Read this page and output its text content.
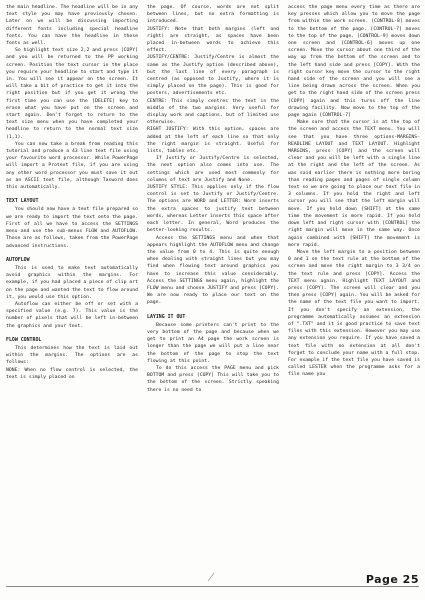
the main headline. The headline will be in any text style you may have previously chosen. Later on we will be discussing importing different fonts including special headline fonts. You can have the headline in these fonts as well.

So highlight text size 2,2 and press [COPY] and you will be returned to the PP working screen. Position the text cursor in the place you require your headline to start and type it in. You will see it appear on the screen. It will take a bit of practice to get it into the right position but if you get it wrong the first time you can use the [DELETE] key to erase what you have put on the screen and start again. Don't forget to return to the text size menu when you have completed your headline to return to the normal text size (1,1).

You can now take a break from reading this tutorial and produce a 43 line text file using your favourite word processor. While PowerPage will import a Protext file, if you are using any other word processor you must save it out as an ASCII text file, although Tasword does this automatically.

TEXT LAYOUT

You should now have a text file prepared so we are ready to import the text onto the page. First of all we have to access the SETTINGS menu and use the sub-menus FLOW and AUTOFLOW. Those are as follows, taken from the PowerPage advanced instructions.

AUTOFLOW

This is used to make text automatically avoid graphics within the margins. For example, if you had placed a piece of clip art on the page and wanted the text to flow around it, you would use this option.

Autoflow can either be off or set with a specified value (e.g. 7). This value is the number of pixels that will be left in-between the graphics and your text.

FLOW CONTROL

This determines how the text is laid out within the margins. The options are as follows:

NONE: When no flow control is selected, the text is simply placed on

the page. Of course, words are not split between lines, but no extra formatting is introduced.

JUSTIFY: Note that both margins (left and right) are straight, as spaces have been placed in-between words to achieve this effect.

JUSTIFY/CENTRE: Justify/Centre is almost the same as the Justify option (described above), but the last line of every paragraph is centred (as opposed to Justify, where it is simply placed on the page). This is good for posters, advertisements etc.

CENTRE: This simply centres the text in the middle of the two margins. Very useful for display work and captions, but of limited use otherwise.

RIGHT JUSTIFY: With this option, spaces are added at the left of each line so that only the right margin is straight. Useful for lists, tables etc.

If Justify or Justify/Centre is selected, the next option also comes into use. The settings which are used most commonly for columns of text are Justify and None.

JUSTIFY STYLE: This applies only if the flow control is set to Justify or Justify/Centre. The options are WORD and LETTER: Word inserts the extra spaces to justify text between words, whereas Letter inserts this space after each letter. In general, Word produces the better-looking results.

Access the SETTINGS menu and when that appears highlight the AUTOFLOW menu and change the value from 0 to 4. This is quite enough when dealing with straight lines but you may find when flowing text around graphics you have to increase this value considerably. Access the SETTINGS menu again, highlight the FLOW menu and choose JUSTIFY and press [COPY]. We are now ready to place our text on the page.

LAYING IT OUT

Because some printers can't print to the very bottom of the page and because when we get to print an A4 page the work screen is longer than the page we will put a line near the bottom of the page to stop the text flowing at this point.

To do this access the PAGE menu and pick BOTTOM and press [COPY] This will take you to the bottom of the screen. Strictly speaking there is no need to

access the page menu every time as there are key presses which allow you to move the page from within the work screen. [CONTROL-8] moves to the bottom of the page. [CONTROL-7] moves to the top of the page. [CONTROL-9] moves down one screen and [CONTROL-6] moves up one screen. Move the cursor about one third of the way up from the bottom of the screen and to the left hand side and press [COPY]. With the right cursor key move the cursor to the right hand side of the screen and you will see a line being drawn across the screen. When you get to the right hand side of the screen press [COPY] again and this turns off the line drawing facility. Now move to the top of the page again [CONTROL-7]

Make sure that the cursor is at the top of the screen and access the TEXT menu. You will see that you have three options-MARGINS-READLINE LAYOUT and TEXT LAYOUT. Highlight MARGINS, press [COPY] and the screen will clear and you will be left with a single line at the right and the left of the screen. As was said earlier there is nothing more boring than reading pages and pages of single column text so we are going to place our text file in 3 columns. If you hold the right and left cursor you will see that the left margin will move. If you hold down [SHIFT] at the same time the movement is more rapid. If you hold down left and right cursor with [CONTROL] the right margin will move in the same way. Once again combined with [SHIFT] the movement is more rapid.

Move the left margin to a position between 0 and 1 on the text rule at the bottom of the screen and move the right margin to 3 3/4 on the text rule and press [COPY]. Access the TEXT menu again. Highlight TEXT LAYOUT and press [COPY]. The screen will clear and you then press [COPY] again. You will be asked for the name of the text file you want to import. If you don't specify an extension, the programme automatically assumes an extension of ".TXT" and it is good practice to save text files with this extension. However you may use any extension you require. If you have saved a text file with no extension at all don't forget to conclude your name with a full stop. For example if the text file you have saved is called LESTER when the programme asks for a file name you

Page 25
